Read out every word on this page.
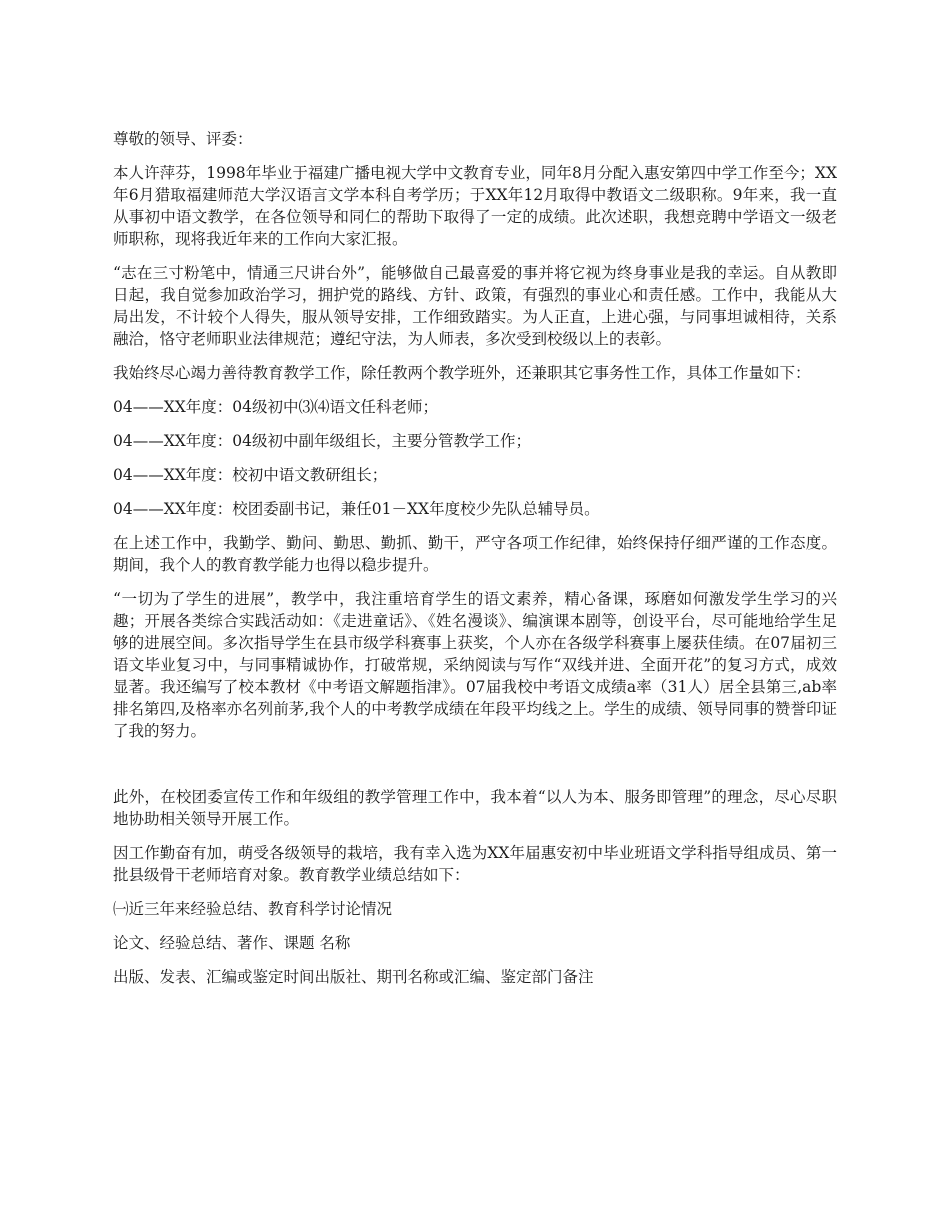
尊敬的领导、评委：

本人许萍芬，1998年毕业于福建广播电视大学中文教育专业，同年8月分配入惠安第四中学工作至今；XX年6月猎取福建师范大学汉语言文学本科自考学历；于XX年12月取得中教语文二级职称。9年来，我一直从事初中语文教学，在各位领导和同仁的帮助下取得了一定的成绩。此次述职，我想竞聘中学语文一级老师职称，现将我近年来的工作向大家汇报。

“志在三寸粉笔中，情通三尺讲台外”，能够做自己最喜爱的事并将它视为终身事业是我的幸运。自从教即日起，我自觉参加政治学习，拥护党的路线、方针、政策，有强烈的事业心和责任感。工作中，我能从大局出发，不计较个人得失，服从领导安排，工作细致踏实。为人正直，上进心强，与同事坦诚相待，关系融洽，恪守老师职业法律规范；遵纪守法，为人师表，多次受到校级以上的表彰。

我始终尽心竭力善待教育教学工作，除任教两个教学班外，还兼职其它事务性工作，具体工作量如下：

04——XX年度：04级初中⑶⑷语文任科老师；

04——XX年度：04级初中副年级组长，主要分管教学工作；

04——XX年度：校初中语文教研组长；

04——XX年度：校团委副书记，兼任01－XX年度校少先队总辅导员。

在上述工作中，我勤学、勤问、勤思、勤抓、勤干，严守各项工作纪律，始终保持仔细严谨的工作态度。期间，我个人的教育教学能力也得以稳步提升。

“一切为了学生的进展”，教学中，我注重培育学生的语文素养，精心备课，琢磨如何激发学生学习的兴趣；开展各类综合实践活动如：《走进童话》、《姓名漫谈》、编演课本剧等，创设平台，尽可能地给学生足够的进展空间。多次指导学生在县市级学科赛事上获奖，个人亦在各级学科赛事上屡获佳绩。在07届初三语文毕业复习中，与同事精诚协作，打破常规，采纳阅读与写作“双线并进、全面开花”的复习方式，成效显著。我还编写了校本教材《中考语文解题指津》。07届我校中考语文成绩a率（31人）居全县第三,ab率排名第四,及格率亦名列前茅,我个人的中考教学成绩在年段平均线之上。学生的成绩、领导同事的赞誉印证了我的努力。

此外，在校团委宣传工作和年级组的教学管理工作中，我本着“以人为本、服务即管理”的理念，尽心尽职地协助相关领导开展工作。

因工作勤奋有加，萌受各级领导的栽培，我有幸入选为XX年届惠安初中毕业班语文学科指导组成员、第一批县级骨干老师培育对象。教育教学业绩总结如下：

㈠近三年来经验总结、教育科学讨论情况

论文、经验总结、著作、课题 名称

出版、发表、汇编或鉴定时间出版社、期刊名称或汇编、鉴定部门备注
